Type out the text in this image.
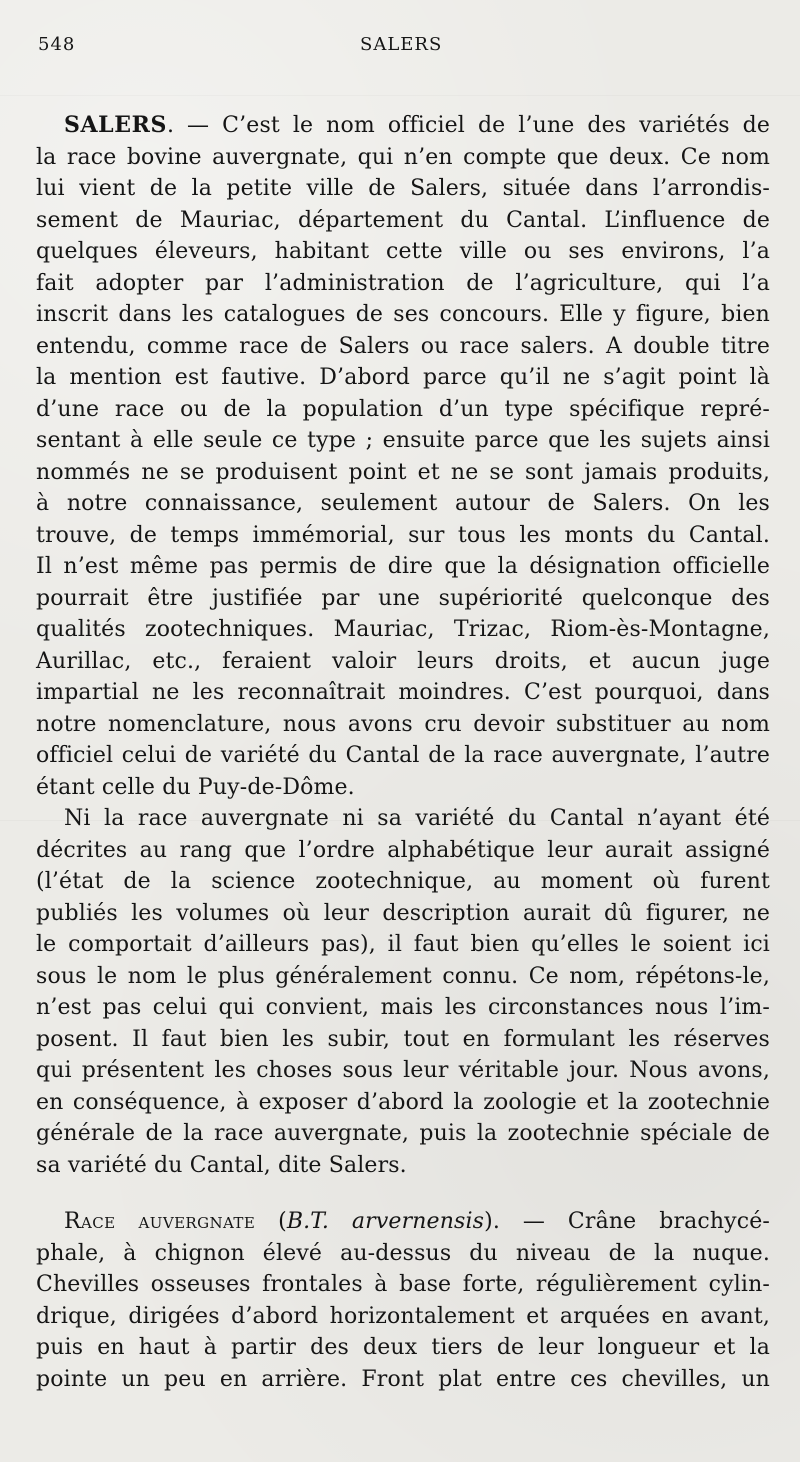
548	SALERS
SALERS. — C’est le nom officiel de l’une des variétés de
la race bovine auvergnate, qui n’en compte que deux. Ce nom
lui vient de la petite ville de Salers, située dans l’arrondis-
sement de Mauriac, département du Cantal. L’influence de
quelques éleveurs, habitant cette ville ou ses environs, l’a
fait adopter par l’administration de l’agriculture, qui l’a
inscrit dans les catalogues de ses concours. Elle y figure, bien
entendu, comme race de Salers ou race salers. A double titre
la mention est fautive. D’abord parce qu’il ne s’agit point là
d’une race ou de la population d’un type spécifique repré-
sentant à elle seule ce type ; ensuite parce que les sujets ainsi
nommés ne se produisent point et ne se sont jamais produits,
à notre connaissance, seulement autour de Salers. On les
trouve, de temps immémorial, sur tous les monts du Cantal.
Il n’est même pas permis de dire que la désignation officielle
pourrait être justifiée par une supériorité quelconque des
qualités zootechniques. Mauriac, Trizac, Riom-ès-Montagne,
Aurillac, etc., feraient valoir leurs droits, et aucun juge
impartial ne les reconnaîtrait moindres. C’est pourquoi, dans
notre nomenclature, nous avons cru devoir substituer au nom
officiel celui de variété du Cantal de la race auvergnate, l’autre
étant celle du Puy-de-Dôme.
Ni la race auvergnate ni sa variété du Cantal n’ayant été
décrites au rang que l’ordre alphabétique leur aurait assigné
(l’état de la science zootechnique, au moment où furent
publiés les volumes où leur description aurait dû figurer, ne
le comportait d’ailleurs pas), il faut bien qu’elles le soient ici
sous le nom le plus généralement connu. Ce nom, répétons-le,
n’est pas celui qui convient, mais les circonstances nous l’im-
posent. Il faut bien les subir, tout en formulant les réserves
qui présentent les choses sous leur véritable jour. Nous avons,
en conséquence, à exposer d’abord la zoologie et la zootechnie
générale de la race auvergnate, puis la zootechnie spéciale de
sa variété du Cantal, dite Salers.
Race auvergnate (B.T. arvernensis). — Crâne brachycé-
phale, à chignon élevé au-dessus du niveau de la nuque.
Chevilles osseuses frontales à base forte, régulièrement cylin-
drique, dirigées d’abord horizontalement et arquées en avant,
puis en haut à partir des deux tiers de leur longueur et la
pointe un peu en arrière. Front plat entre ces chevilles, un
